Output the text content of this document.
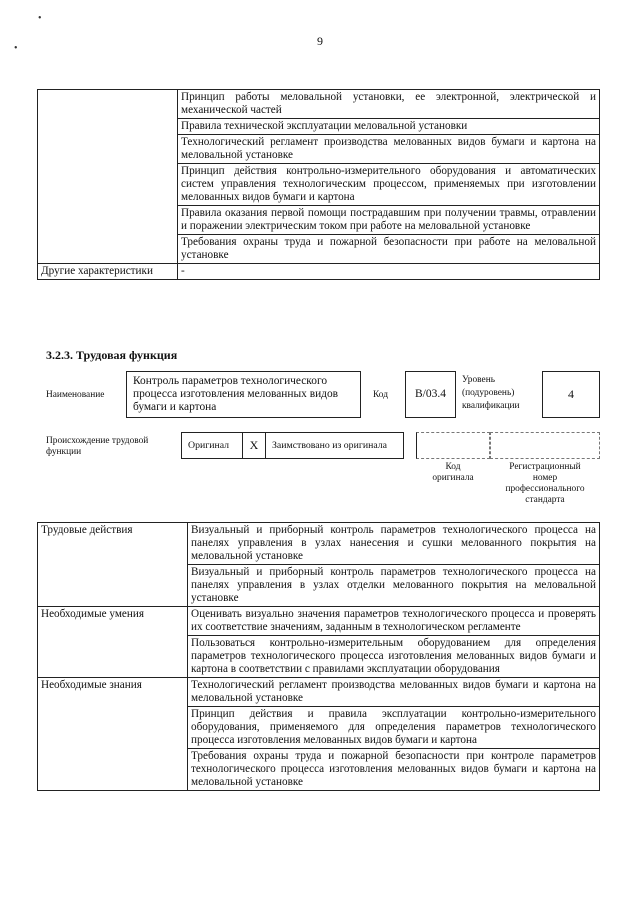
•
•
9
	Принцип работы меловальной установки, ее электронной, электрической и механической частей
	Правила технической эксплуатации меловальной установки
	Технологический регламент производства мелованных видов бумаги и картона на меловальной установке
	Принцип действия контрольно-измерительного оборудования и автоматических систем управления технологическим процессом, применяемых при изготовлении мелованных видов бумаги и картона
	Правила оказания первой помощи пострадавшим при получении травмы, отравлении и поражении электрическим током при работе на меловальной установке
	Требования охраны труда и пожарной безопасности при работе на меловальной установке
Другие характеристики	-
3.2.3. Трудовая функция
Наименование
Контроль параметров технологического процесса изготовления мелованных видов бумаги и картона
Код	B/03.4
Уровень
(подуровень)
квалификации
4
Происхождение трудовой
функции
Оригинал	X	Заимствовано из оригинала
Код
оригинала
Регистрационный
номер
профессионального
стандарта
Трудовые действия	Визуальный и приборный контроль параметров технологического процесса на панелях управления в узлах нанесения и сушки мелованного покрытия на меловальной установке
	Визуальный и приборный контроль параметров технологического процесса на панелях управления в узлах отделки мелованного покрытия на меловальной установке
Необходимые умения	Оценивать визуально значения параметров технологического процесса и проверять их соответствие значениям, заданным в технологическом регламенте
	Пользоваться контрольно-измерительным оборудованием для определения параметров технологического процесса изготовления мелованных видов бумаги и картона в соответствии с правилами эксплуатации оборудования
Необходимые знания	Технологический регламент производства мелованных видов бумаги и картона на меловальной установке
	Принцип действия и правила эксплуатации контрольно-измерительного оборудования, применяемого для определения параметров технологического процесса изготовления мелованных видов бумаги и картона
	Требования охраны труда и пожарной безопасности при контроле параметров технологического процесса изготовления мелованных видов бумаги и картона на меловальной установке
